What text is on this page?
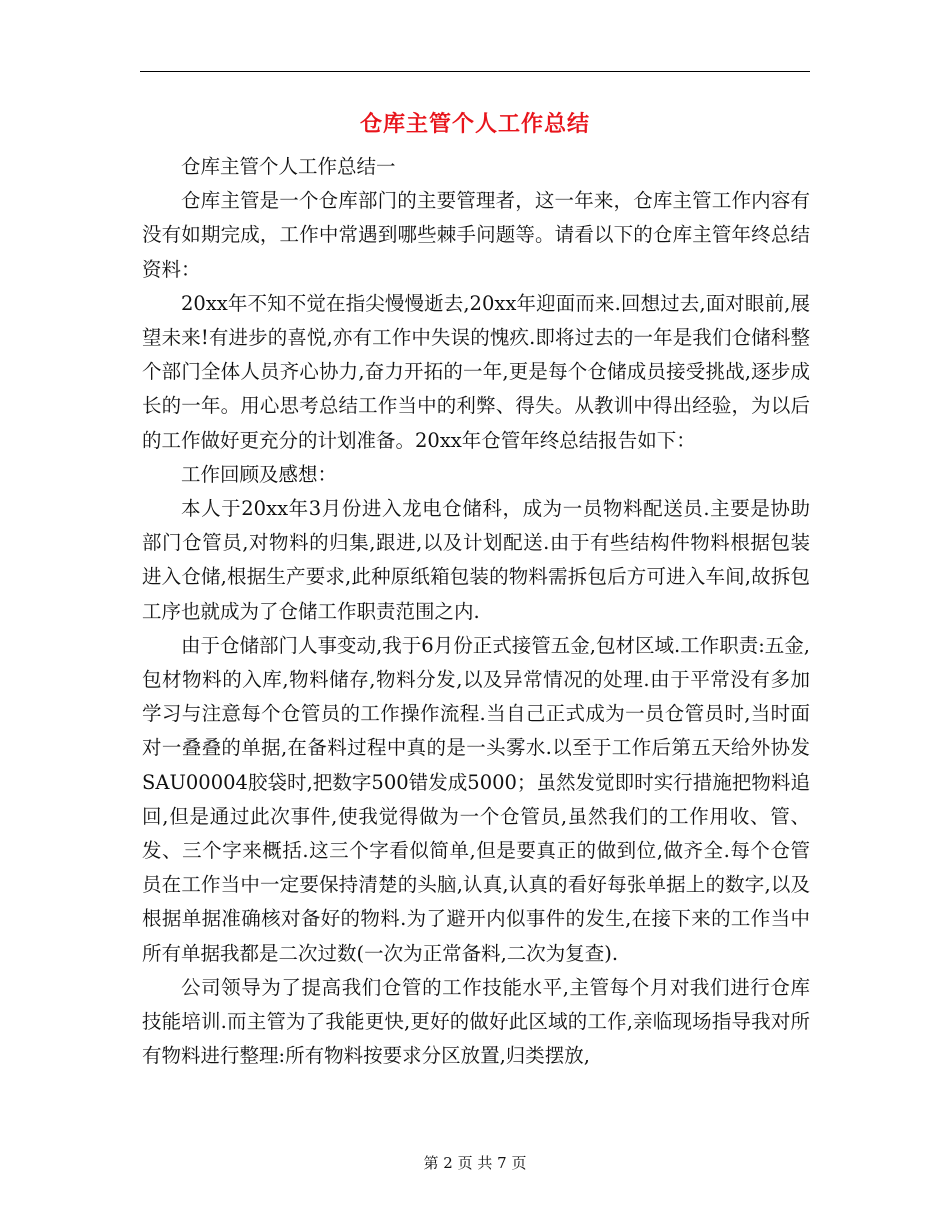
仓库主管个人工作总结

仓库主管个人工作总结一

仓库主管是一个仓库部门的主要管理者，这一年来，仓库主管工作内容有没有如期完成，工作中常遇到哪些棘手问题等。请看以下的仓库主管年终总结资料：

20xx年不知不觉在指尖慢慢逝去,20xx年迎面而来.回想过去,面对眼前,展望未来!有进步的喜悦,亦有工作中失误的愧疚.即将过去的一年是我们仓储科整个部门全体人员齐心协力,奋力开拓的一年,更是每个仓储成员接受挑战,逐步成长的一年。用心思考总结工作当中的利弊、得失。从教训中得出经验，为以后的工作做好更充分的计划准备。20xx年仓管年终总结报告如下：

工作回顾及感想：

本人于20xx年3月份进入龙电仓储科，成为一员物料配送员.主要是协助部门仓管员,对物料的归集,跟进,以及计划配送.由于有些结构件物料根据包装进入仓储,根据生产要求,此种原纸箱包装的物料需拆包后方可进入车间,故拆包工序也就成为了仓储工作职责范围之内.

由于仓储部门人事变动,我于6月份正式接管五金,包材区域.工作职责:五金,包材物料的入库,物料储存,物料分发,以及异常情况的处理.由于平常没有多加学习与注意每个仓管员的工作操作流程.当自己正式成为一员仓管员时,当时面对一叠叠的单据,在备料过程中真的是一头雾水.以至于工作后第五天给外协发SAU00004胶袋时,把数字500错发成5000；虽然发觉即时实行措施把物料追回,但是通过此次事件,使我觉得做为一个仓管员,虽然我们的工作用收、管、发、三个字来概括.这三个字看似简单,但是要真正的做到位,做齐全.每个仓管员在工作当中一定要保持清楚的头脑,认真,认真的看好每张单据上的数字,以及根据单据准确核对备好的物料.为了避开内似事件的发生,在接下来的工作当中所有单据我都是二次过数(一次为正常备料,二次为复查).

公司领导为了提高我们仓管的工作技能水平,主管每个月对我们进行仓库技能培训.而主管为了我能更快,更好的做好此区域的工作,亲临现场指导我对所有物料进行整理:所有物料按要求分区放置,归类摆放,

第 2 页 共 7 页
